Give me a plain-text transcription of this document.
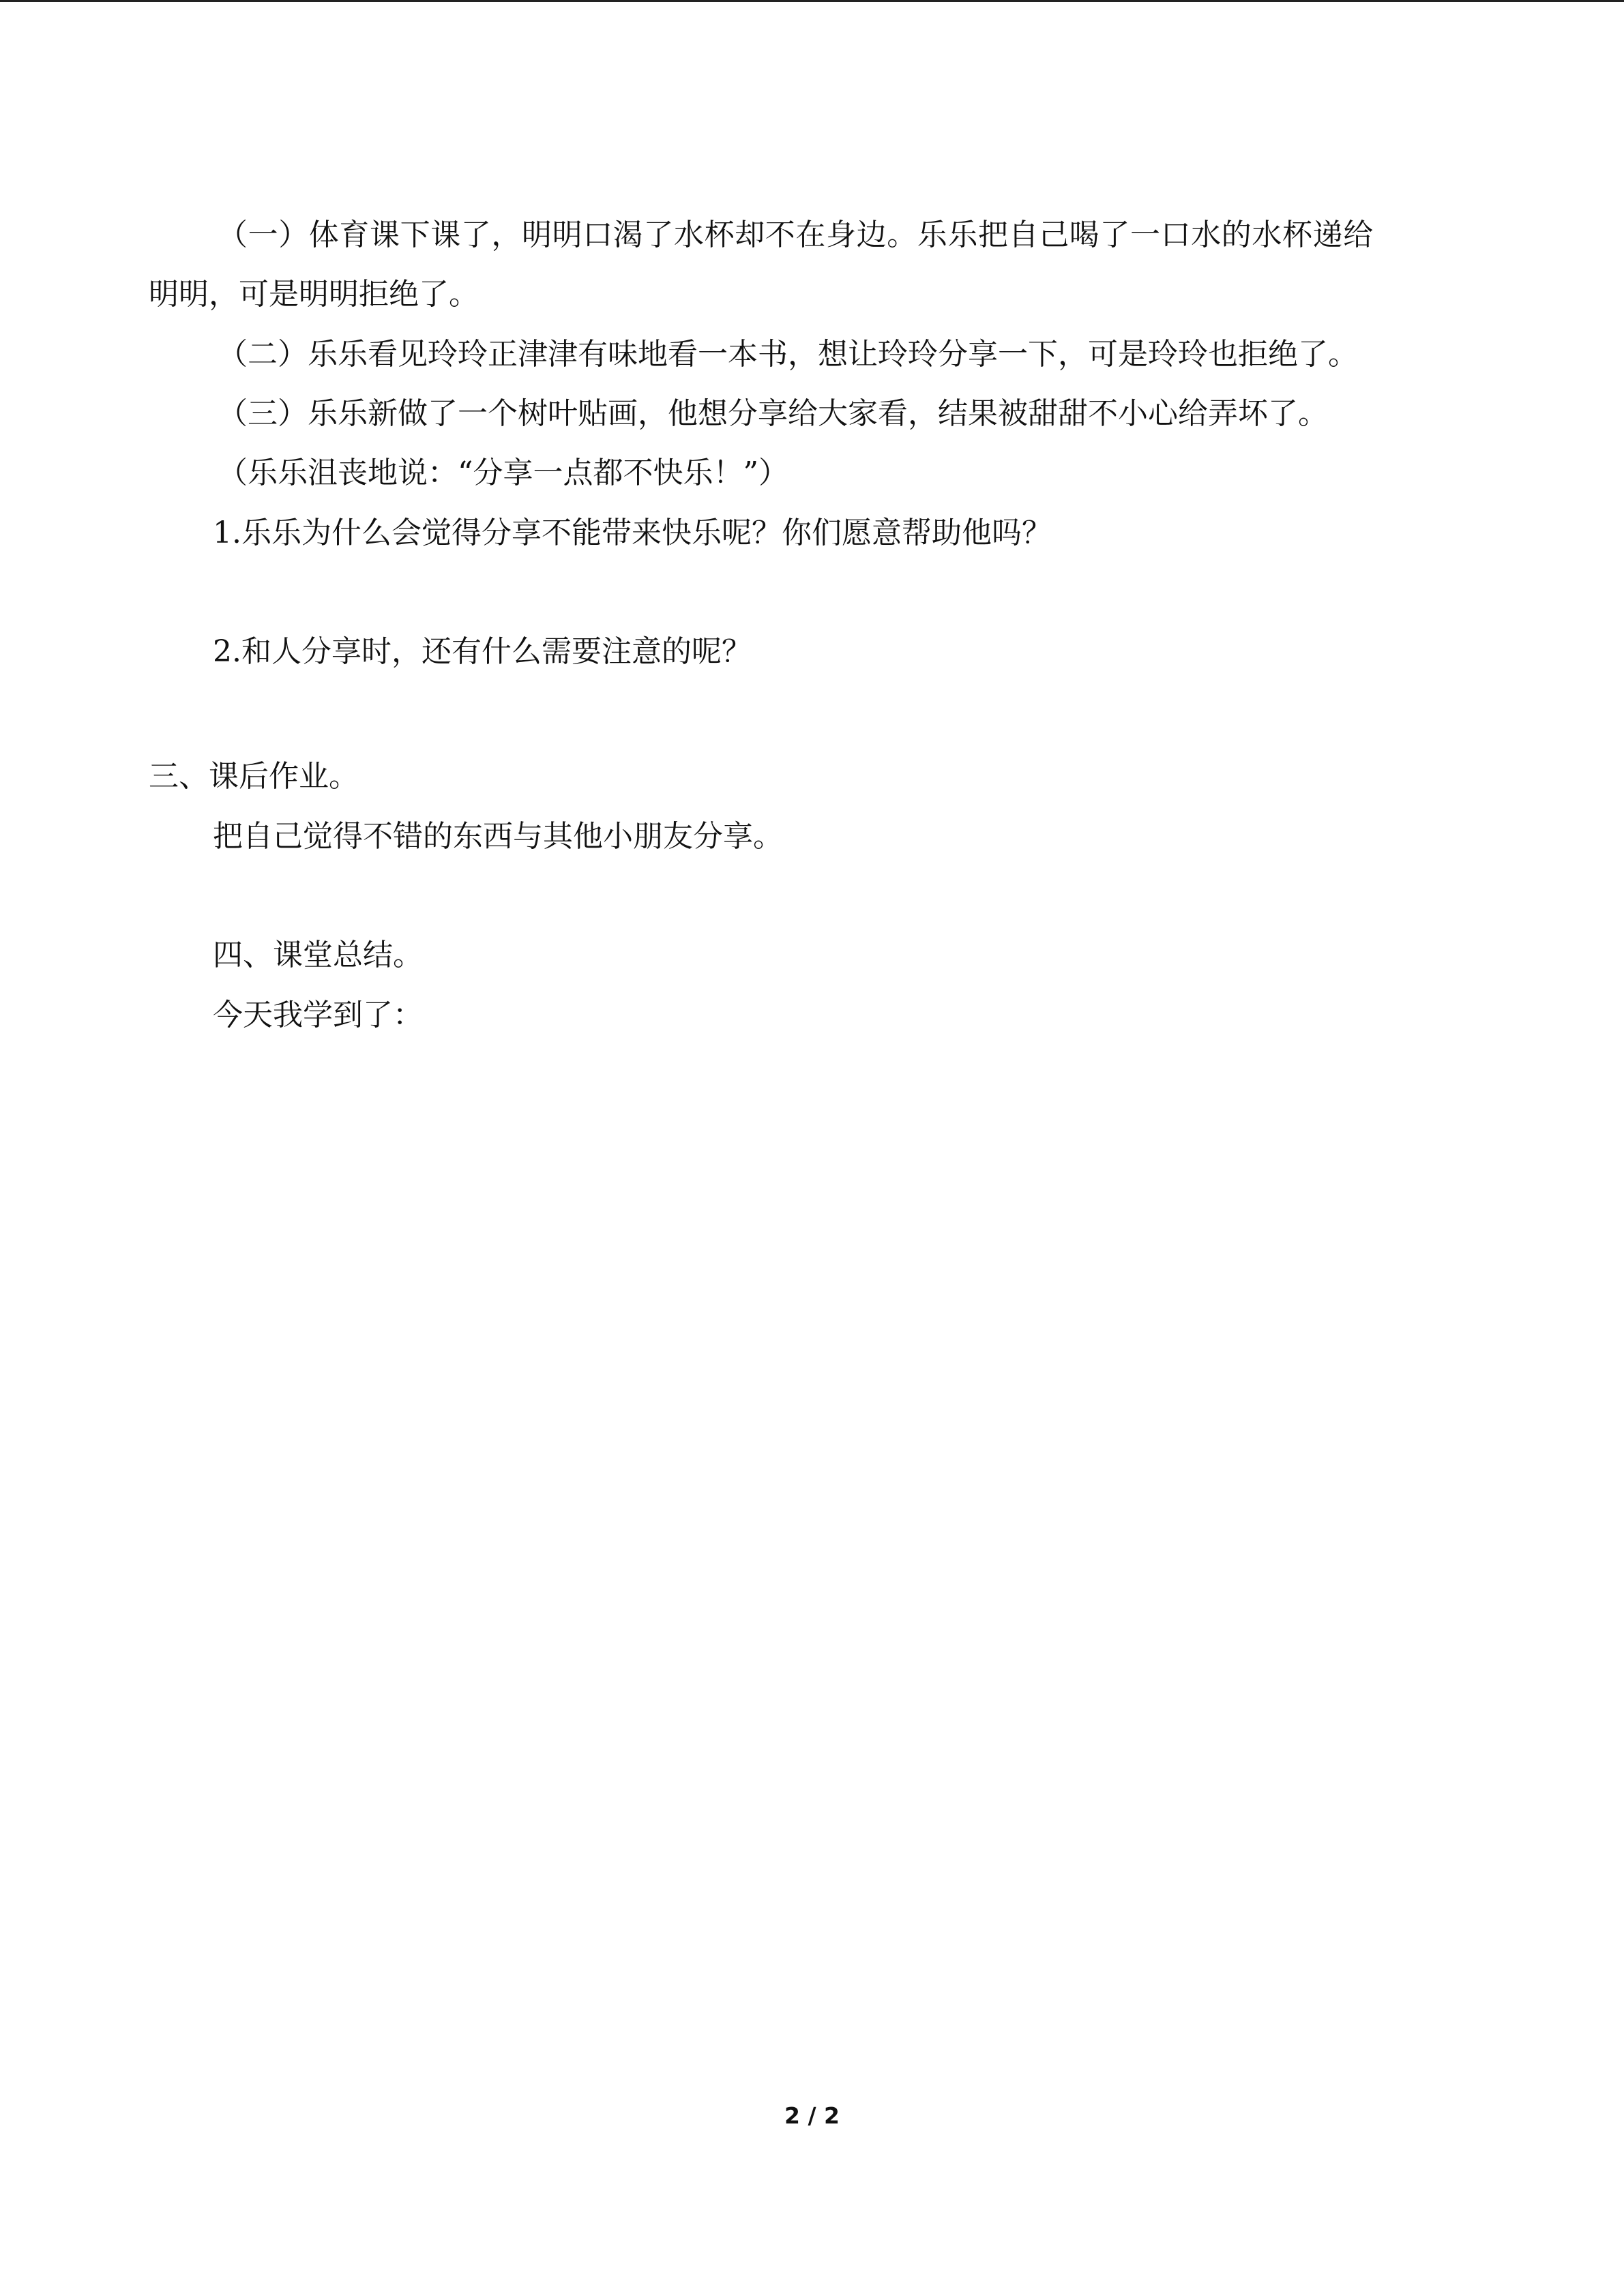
（一）体育课下课了，明明口渴了水杯却不在身边。乐乐把自己喝了一口水的水杯递给
明明，可是明明拒绝了。
（二）乐乐看见玲玲正津津有味地看一本书，想让玲玲分享一下，可是玲玲也拒绝了。
（三）乐乐新做了一个树叶贴画，他想分享给大家看，结果被甜甜不小心给弄坏了。
（乐乐沮丧地说：“分享一点都不快乐！”）
1.乐乐为什么会觉得分享不能带来快乐呢？你们愿意帮助他吗？
2.和人分享时，还有什么需要注意的呢？
三、课后作业。
把自己觉得不错的东西与其他小朋友分享。
四、课堂总结。
今天我学到了：
2 / 2
